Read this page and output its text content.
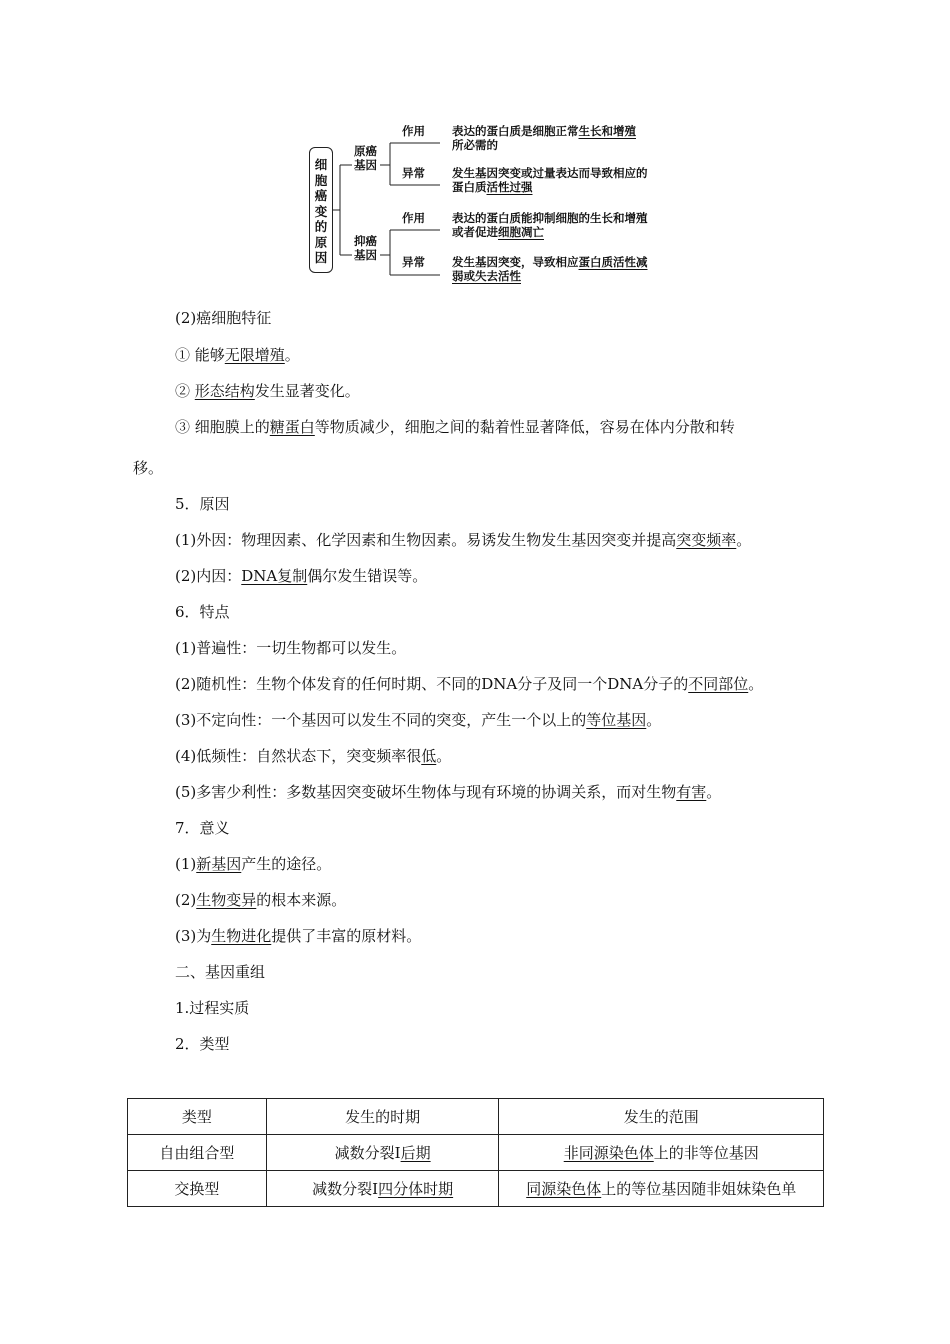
细
胞
癌
变
的
原
因
原癌
基因
作用
异常
表达的蛋白质是细胞正常生长和增殖
所必需的
发生基因突变或过量表达而导致相应的
蛋白质活性过强
抑癌
基因
作用
异常
表达的蛋白质能抑制细胞的生长和增殖
或者促进细胞凋亡
发生基因突变，导致相应蛋白质活性减
弱或失去活性
(2)癌细胞特征
① 能够无限增殖。
② 形态结构发生显著变化。
③ 细胞膜上的糖蛋白等物质减少，细胞之间的黏着性显著降低，容易在体内分散和转
移。
5．原因
(1)外因：物理因素、化学因素和生物因素。易诱发生物发生基因突变并提高突变频率。
(2)内因：DNA复制偶尔发生错误等。
6．特点
(1)普遍性：一切生物都可以发生。
(2)随机性：生物个体发育的任何时期、不同的DNA分子及同一个DNA分子的不同部位。
(3)不定向性：一个基因可以发生不同的突变，产生一个以上的等位基因。
(4)低频性：自然状态下，突变频率很低。
(5)多害少利性：多数基因突变破坏生物体与现有环境的协调关系，而对生物有害。
7．意义
(1)新基因产生的途径。
(2)生物变异的根本来源。
(3)为生物进化提供了丰富的原材料。
二、基因重组
1.过程实质
2．类型
类型	发生的时期	发生的范围
自由组合型	减数分裂Ⅰ后期	非同源染色体上的非等位基因
交换型	减数分裂Ⅰ四分体时期	同源染色体上的等位基因随非姐妹染色单
